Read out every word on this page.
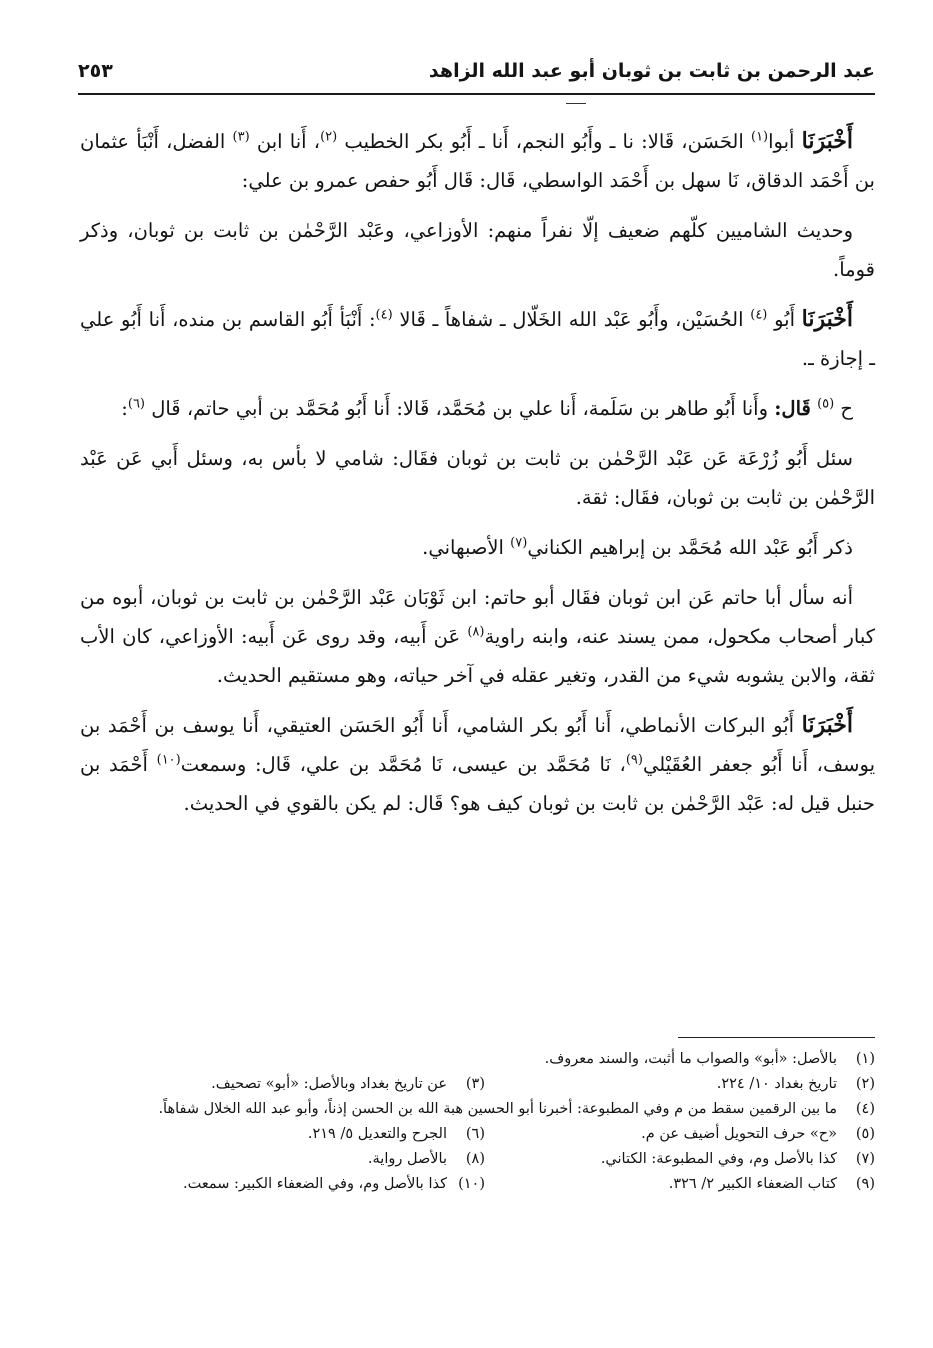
عبد الرحمن بن ثابت بن ثوبان أبو عبد الله الزاهد
٢٥٣

أَخْبَرَنَا أبوا$^{(١)}$ الحَسَن، قَالا: نا ـ وأَبُو النجم، أَنا ـ أَبُو بكر الخطيب $^{(٢)}$، أَنا ابن $^{(٣)}$ الفضل، أَنْبَأ عثمان بن أَحْمَد الدقاق، نَا سهل بن أَحْمَد الواسطي، قَال: قَال أَبُو حفص عمرو بن علي:

وحديث الشاميين كلّهم ضعيف إلّا نفراً منهم: الأوزاعي، وعَبْد الرَّحْمٰن بن ثابت بن ثوبان، وذكر قوماً.

أَخْبَرَنَا أَبُو $^{(٤)}$ الحُسَيْن، وأَبُو عَبْد الله الخَلّال ـ شفاهاً ـ قَالا $^{(٤)}$: أَنْبَأ أَبُو القاسم بن منده، أَنا أَبُو علي ـ إجازة ـ.

ح $^{(٥)}$ قَال: وأَنا أَبُو طاهر بن سَلَمة، أَنا علي بن مُحَمَّد، قَالا: أَنا أَبُو مُحَمَّد بن أبي حاتم، قَال $^{(٦)}$:

سئل أَبُو زُرْعَة عَن عَبْد الرَّحْمٰن بن ثابت بن ثوبان فقَال: شامي لا بأس به، وسئل أَبي عَن عَبْد الرَّحْمٰن بن ثابت بن ثوبان، فقَال: ثقة.

ذكر أَبُو عَبْد الله مُحَمَّد بن إبراهيم الكناني$^{(٧)}$ الأصبهاني.

أنه سأل أبا حاتم عَن ابن ثوبان فقَال أبو حاتم: ابن ثَوْبَان عَبْد الرَّحْمٰن بن ثابت بن ثوبان، أبوه من كبار أصحاب مكحول، ممن يسند عنه، وابنه راوية$^{(٨)}$ عَن أَبيه، وقد روى عَن أَبيه: الأوزاعي، كان الأب ثقة، والابن يشوبه شيء من القدر، وتغير عقله في آخر حياته، وهو مستقيم الحديث.

أَخْبَرَنَا أَبُو البركات الأنماطي، أَنا أَبُو بكر الشامي، أَنا أَبُو الحَسَن العتيقي، أَنا يوسف بن أَحْمَد بن يوسف، أَنا أَبُو جعفر العُقَيْلي$^{(٩)}$، نَا مُحَمَّد بن عيسى، نَا مُحَمَّد بن علي، قَال: وسمعت$^{(١٠)}$ أَحْمَد بن حنبل قيل له: عَبْد الرَّحْمٰن بن ثابت بن ثوبان كيف هو؟ قَال: لم يكن بالقوي في الحديث.

(١)
بالأصل: «أبو» والصواب ما أثبت، والسند معروف.
(٢)
تاريخ بغداد ١٠/ ٢٢٤.
(٣)
عن تاريخ بغداد وبالأصل: «أبو» تصحيف.
(٤)
ما بين الرقمين سقط من م وفي المطبوعة: أخبرنا أبو الحسين هبة الله بن الحسن إذناً، وأبو عبد الله الخلال شفاهاً.
(٥)
«ح» حرف التحويل أضيف عن م.
(٦)
الجرح والتعديل ٥/ ٢١٩.
(٧)
كذا بالأصل وم، وفي المطبوعة: الكتاني.
(٨)
بالأصل رواية.
(٩)
كتاب الضعفاء الكبير ٢/ ٣٢٦.
(١٠)
كذا بالأصل وم، وفي الضعفاء الكبير: سمعت.
